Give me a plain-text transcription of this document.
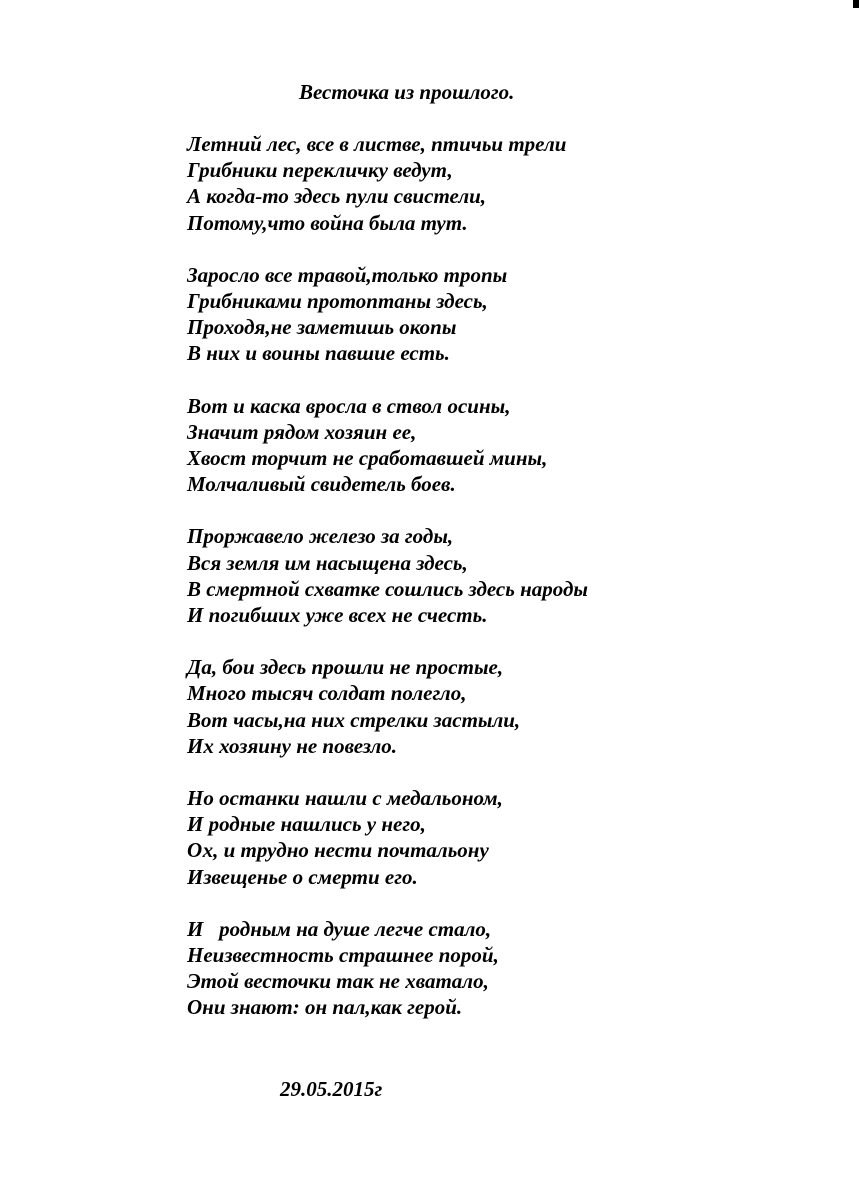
Весточка из прошлого.
Летний лес, все в листве, птичьи трели
Грибники перекличку ведут,
А когда-то здесь пули свистели,
Потому,что война была тут.
Заросло все травой,только тропы
Грибниками протоптаны здесь,
Проходя,не заметишь окопы
В них и воины павшие есть.
Вот и каска вросла в ствол осины,
Значит рядом хозяин ее,
Хвост торчит не сработавшей мины,
Молчаливый свидетель боев.
Проржавело железо за годы,
Вся земля им насыщена здесь,
В смертной схватке сошлись здесь народы
И погибших уже всех не счесть.
Да, бои здесь прошли не простые,
Много тысяч солдат полегло,
Вот часы,на них стрелки застыли,
Их хозяину не повезло.
Но останки нашли с медальоном,
И родные нашлись у него,
Ох, и трудно нести почтальону
Извещенье о смерти его.
И   родным на душе легче стало,
Неизвестность страшнее порой,
Этой весточки так не хватало,
Они знают: он пал,как герой.
29.05.2015г
